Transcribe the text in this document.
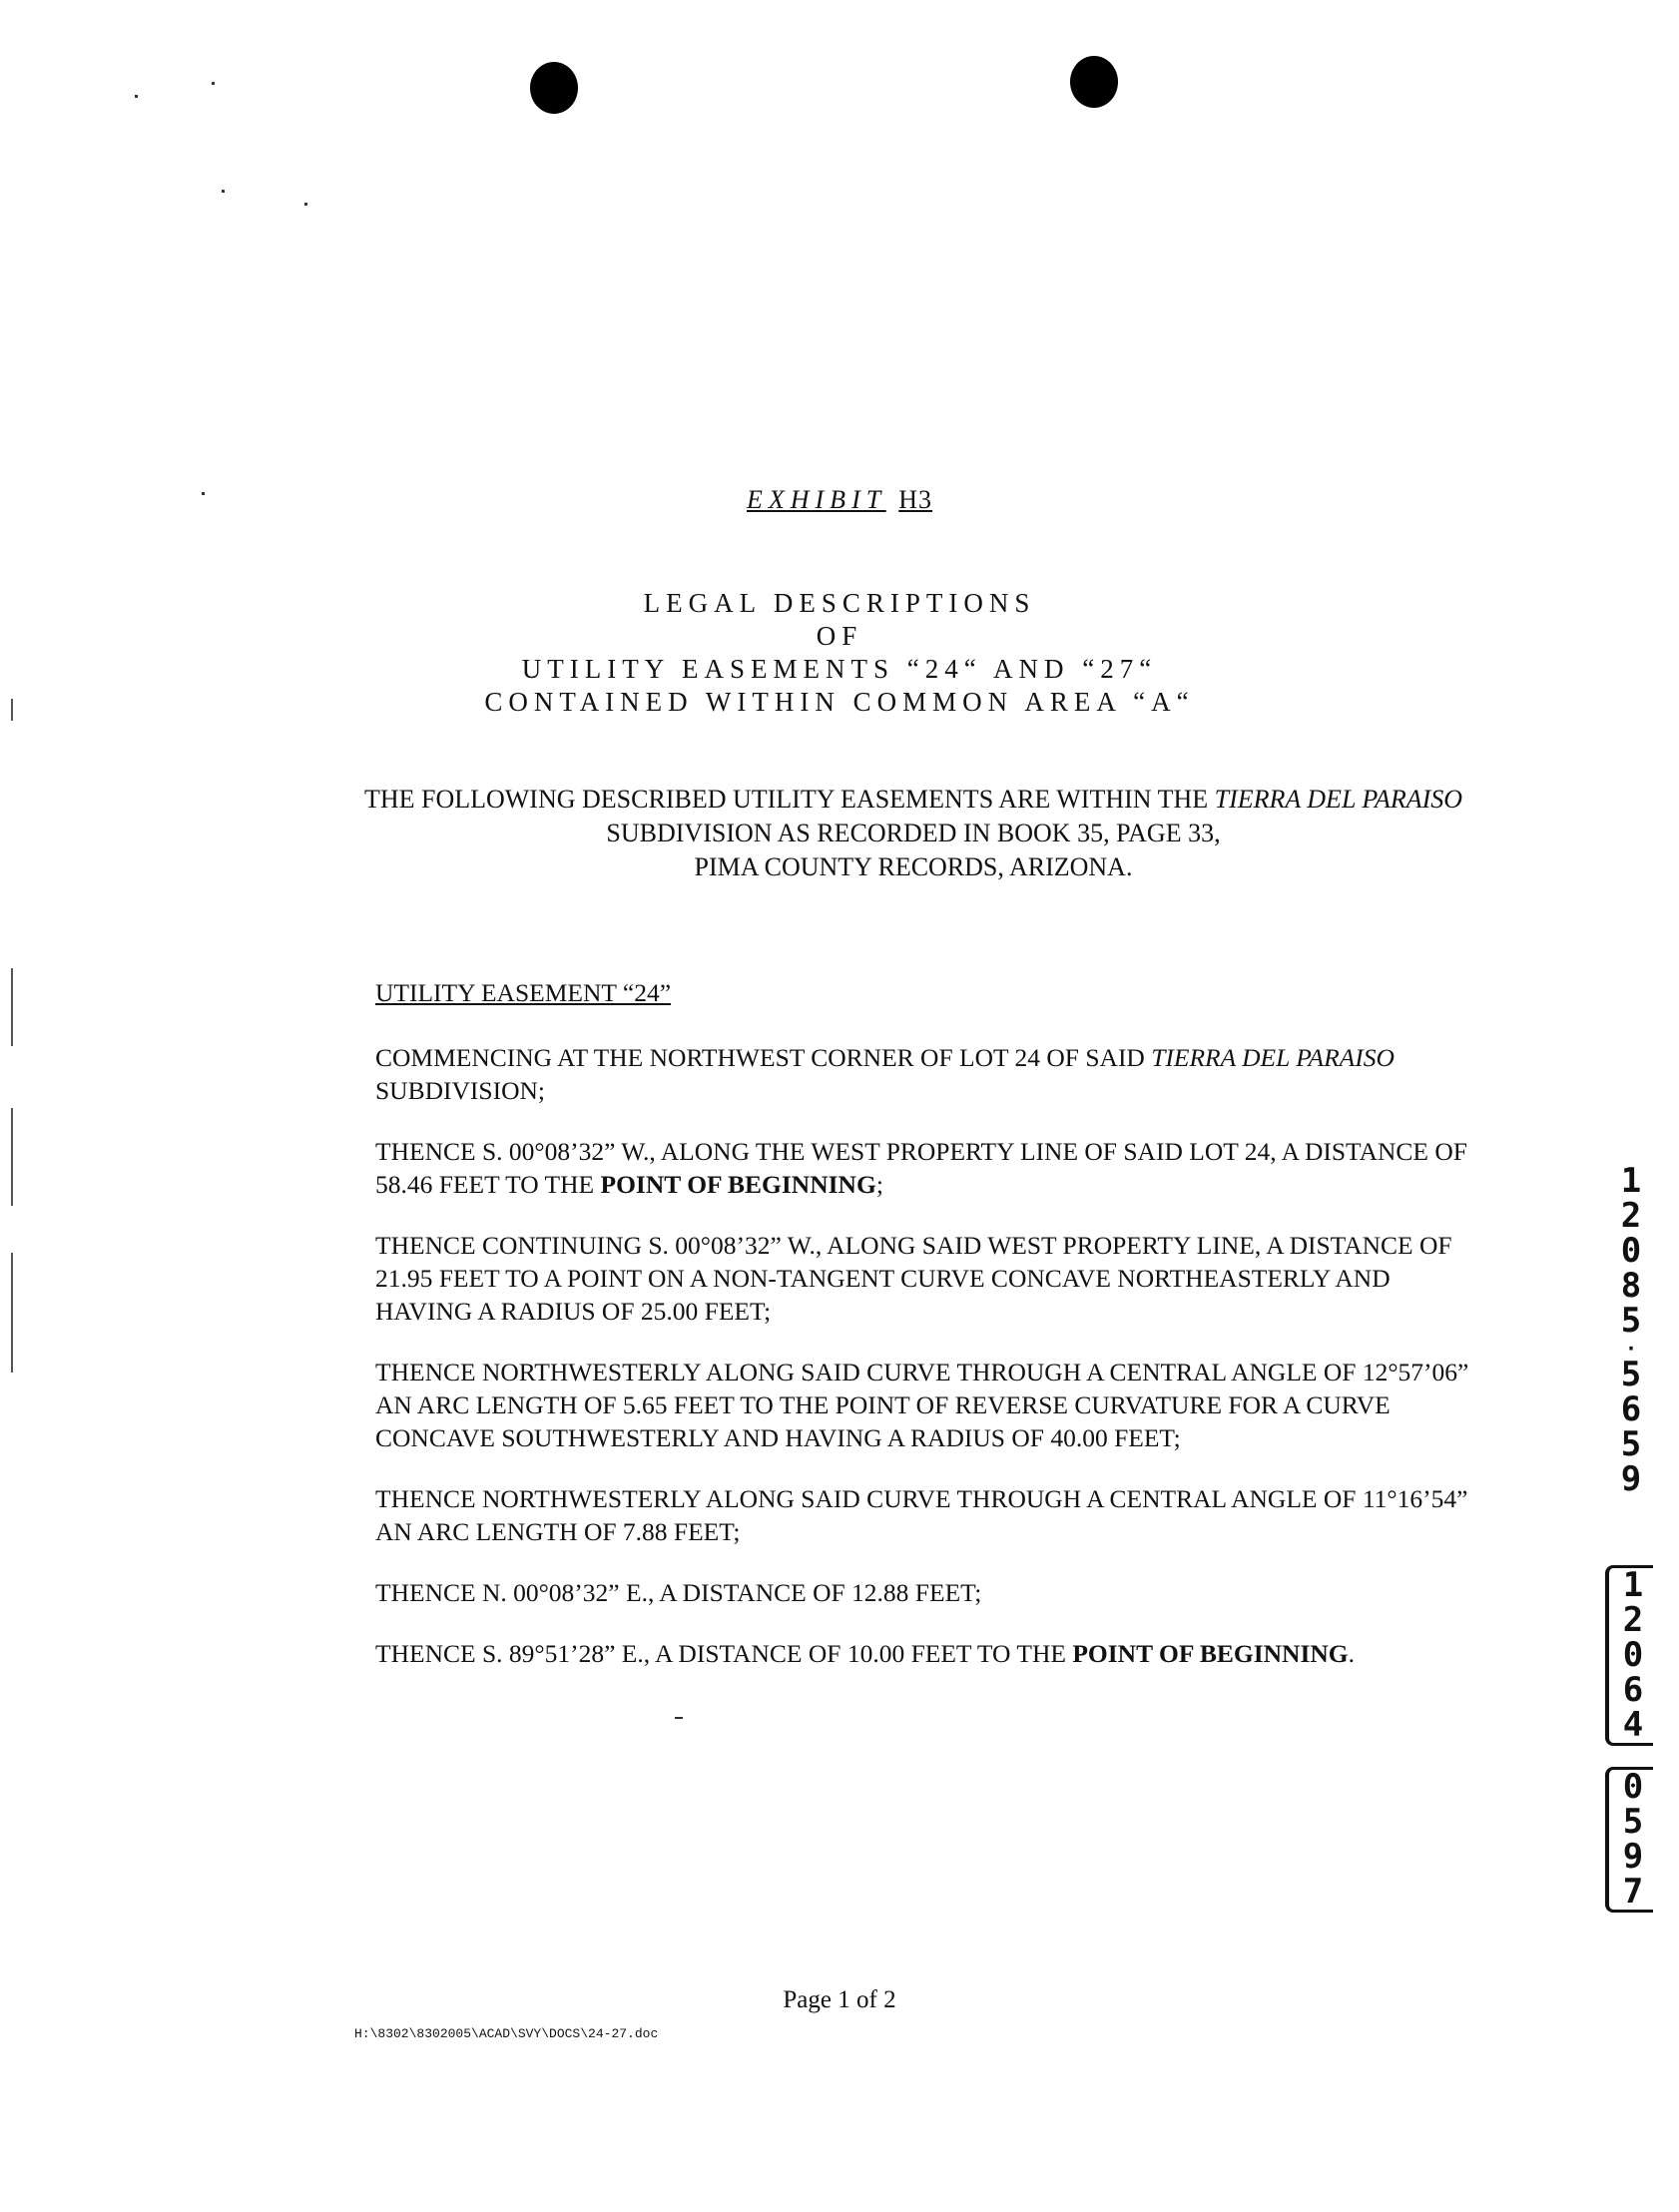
EXHIBIT H3
LEGAL DESCRIPTIONS
OF
UTILITY EASEMENTS “24“ AND “27“
CONTAINED WITHIN COMMON AREA “A“
THE FOLLOWING DESCRIBED UTILITY EASEMENTS ARE WITHIN THE TIERRA DEL PARAISO SUBDIVISION AS RECORDED IN BOOK 35, PAGE 33,
PIMA COUNTY RECORDS, ARIZONA.

UTILITY EASEMENT “24”

COMMENCING AT THE NORTHWEST CORNER OF LOT 24 OF SAID TIERRA DEL PARAISO SUBDIVISION;

THENCE S. 00°08’32” W., ALONG THE WEST PROPERTY LINE OF SAID LOT 24, A DISTANCE OF 58.46 FEET TO THE POINT OF BEGINNING;

THENCE CONTINUING S. 00°08’32” W., ALONG SAID WEST PROPERTY LINE, A DISTANCE OF 21.95 FEET TO A POINT ON A NON-TANGENT CURVE CONCAVE NORTHEASTERLY AND HAVING A RADIUS OF 25.00 FEET;

THENCE NORTHWESTERLY ALONG SAID CURVE THROUGH A CENTRAL ANGLE OF 12°57’06” AN ARC LENGTH OF 5.65 FEET TO THE POINT OF REVERSE CURVATURE FOR A CURVE CONCAVE SOUTHWESTERLY AND HAVING A RADIUS OF 40.00 FEET;

THENCE NORTHWESTERLY ALONG SAID CURVE THROUGH A CENTRAL ANGLE OF 11°16’54” AN ARC LENGTH OF 7.88 FEET;

THENCE N. 00°08’32” E., A DISTANCE OF 12.88 FEET;

THENCE S. 89°51’28” E., A DISTANCE OF 10.00 FEET TO THE POINT OF BEGINNING.

1
2
0
8
5
·
5
6
5
9
1
2
0
6
4
0
5
9
7
Page 1 of 2
H:\8302\8302005\ACAD\SVY\DOCS\24-27.doc
